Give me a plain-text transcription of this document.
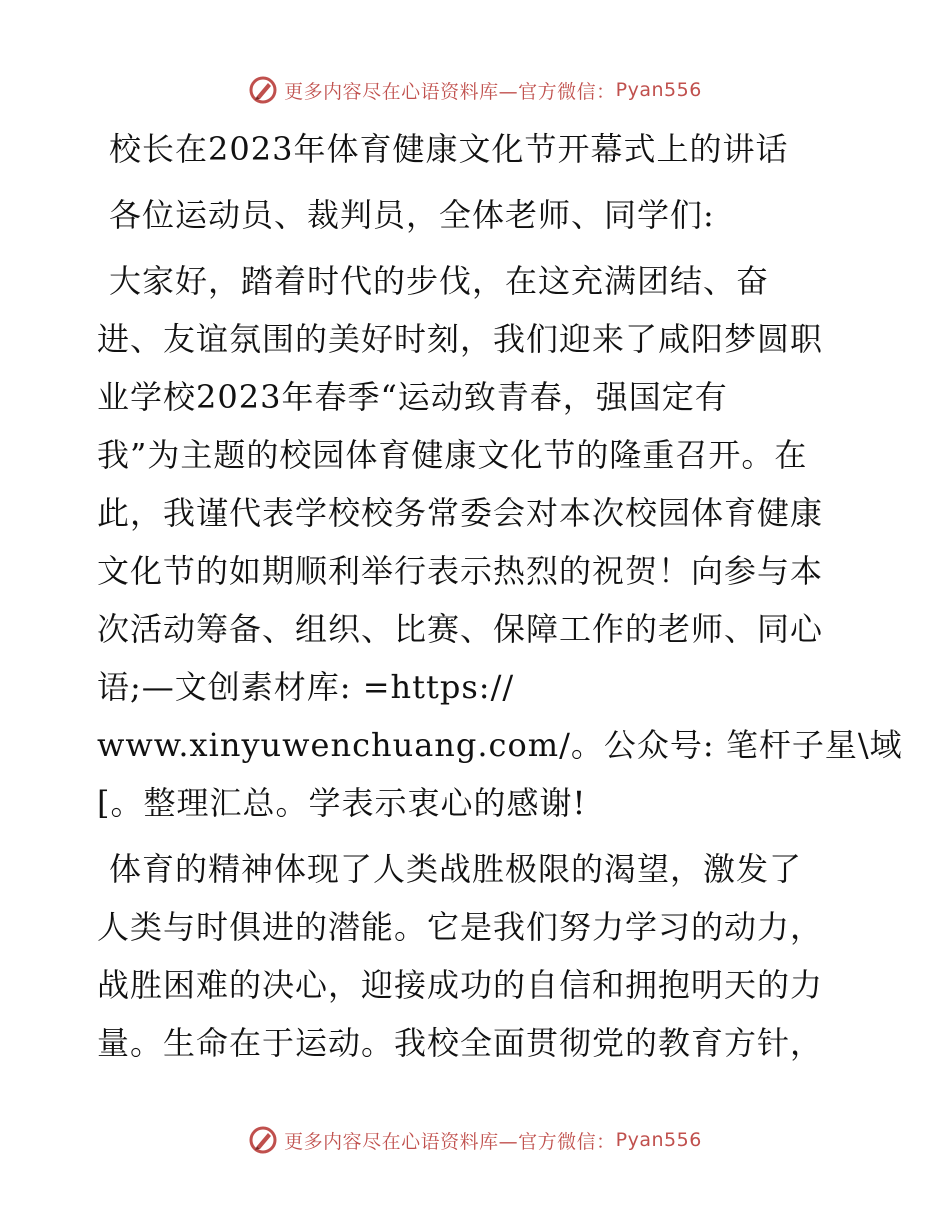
更多内容尽在心语资料库—官方微信： Pyan556
校长在2023年体育健康文化节开幕式上的讲话
各位运动员、裁判员，全体老师、同学们:
大家好，踏着时代的步伐，在这充满团结、奋
进、友谊氛围的美好时刻，我们迎来了咸阳梦圆职
业学校2023年春季“运动致青春，强国定有
我”为主题的校园体育健康文化节的隆重召开。在
此，我谨代表学校校务常委会对本次校园体育健康
文化节的如期顺利举行表示热烈的祝贺！向参与本
次活动筹备、组织、比赛、保障工作的老师、同心
语;—文创素材库: =https://
www.xinyuwenchuang.com/。公众号: 笔杆子星\域
[。整理汇总。学表示衷心的感谢!
体育的精神体现了人类战胜极限的渴望，激发了
人类与时俱进的潜能。它是我们努力学习的动力，
战胜困难的决心，迎接成功的自信和拥抱明天的力
量。生命在于运动。我校全面贯彻党的教育方针，
更多内容尽在心语资料库—官方微信： Pyan556
